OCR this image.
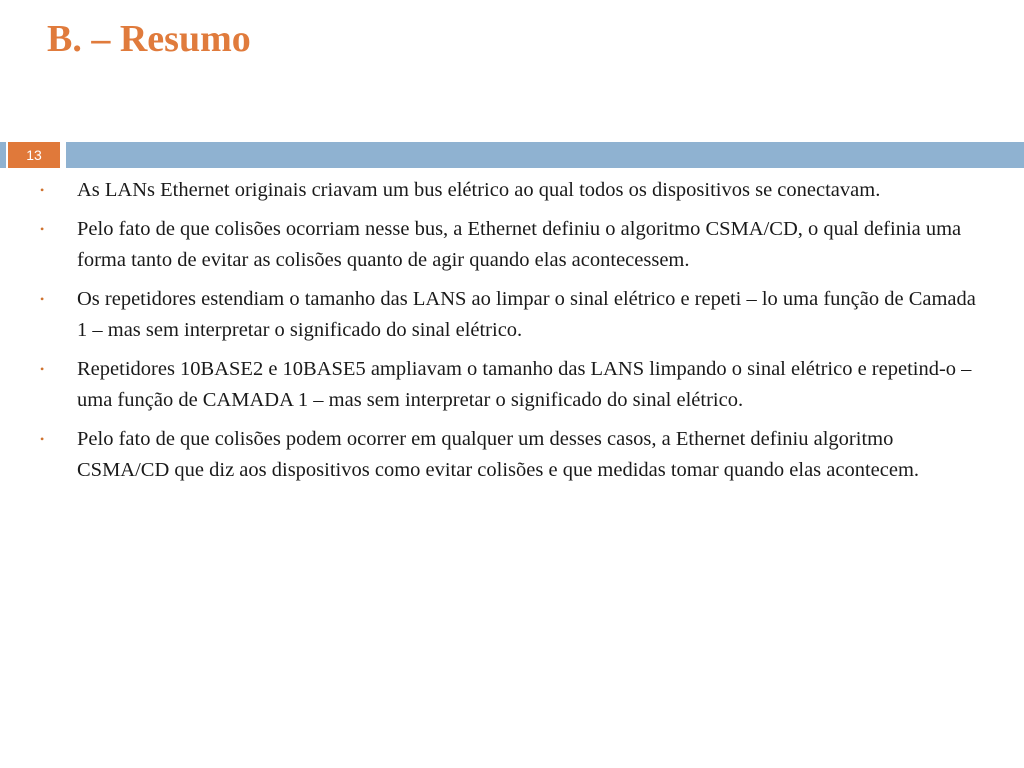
B. – Resumo
13
• As LANs Ethernet originais criavam um bus elétrico ao qual todos os dispositivos se conectavam.
• Pelo fato de que colisões ocorriam nesse bus, a Ethernet definiu o algoritmo CSMA/CD, o qual definia uma forma tanto de evitar as colisões quanto de agir quando elas acontecessem.
• Os repetidores estendiam o tamanho das LANS ao limpar o sinal elétrico e repeti – lo uma função de Camada 1 – mas sem interpretar o significado do sinal elétrico.
• Repetidores 10BASE2 e 10BASE5 ampliavam o tamanho das LANS limpando o sinal elétrico e repetind-o – uma função de CAMADA 1 – mas sem interpretar o significado do sinal elétrico.
• Pelo fato de que colisões podem ocorrer em qualquer um desses casos, a Ethernet definiu algoritmo CSMA/CD que diz aos dispositivos como evitar colisões e que medidas tomar quando elas acontecem.
